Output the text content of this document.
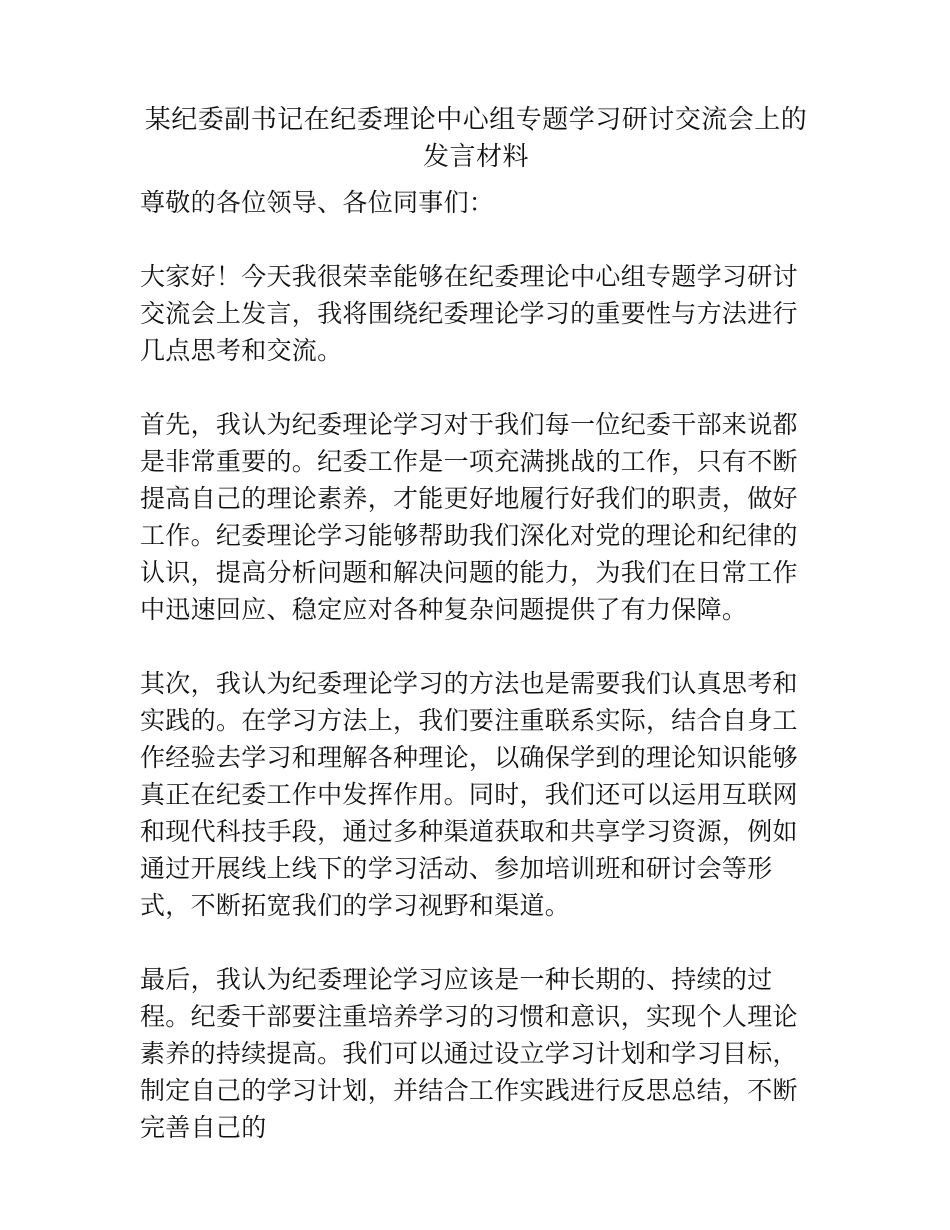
某纪委副书记在纪委理论中心组专题学习研讨交流会上的发言材料

尊敬的各位领导、各位同事们：

大家好！今天我很荣幸能够在纪委理论中心组专题学习研讨交流会上发言，我将围绕纪委理论学习的重要性与方法进行几点思考和交流。

首先，我认为纪委理论学习对于我们每一位纪委干部来说都是非常重要的。纪委工作是一项充满挑战的工作，只有不断提高自己的理论素养，才能更好地履行好我们的职责，做好工作。纪委理论学习能够帮助我们深化对党的理论和纪律的认识，提高分析问题和解决问题的能力，为我们在日常工作中迅速回应、稳定应对各种复杂问题提供了有力保障。

其次，我认为纪委理论学习的方法也是需要我们认真思考和实践的。在学习方法上，我们要注重联系实际，结合自身工作经验去学习和理解各种理论，以确保学到的理论知识能够真正在纪委工作中发挥作用。同时，我们还可以运用互联网和现代科技手段，通过多种渠道获取和共享学习资源，例如通过开展线上线下的学习活动、参加培训班和研讨会等形式，不断拓宽我们的学习视野和渠道。

最后，我认为纪委理论学习应该是一种长期的、持续的过程。纪委干部要注重培养学习的习惯和意识，实现个人理论素养的持续提高。我们可以通过设立学习计划和学习目标，制定自己的学习计划，并结合工作实践进行反思总结，不断完善自己的
